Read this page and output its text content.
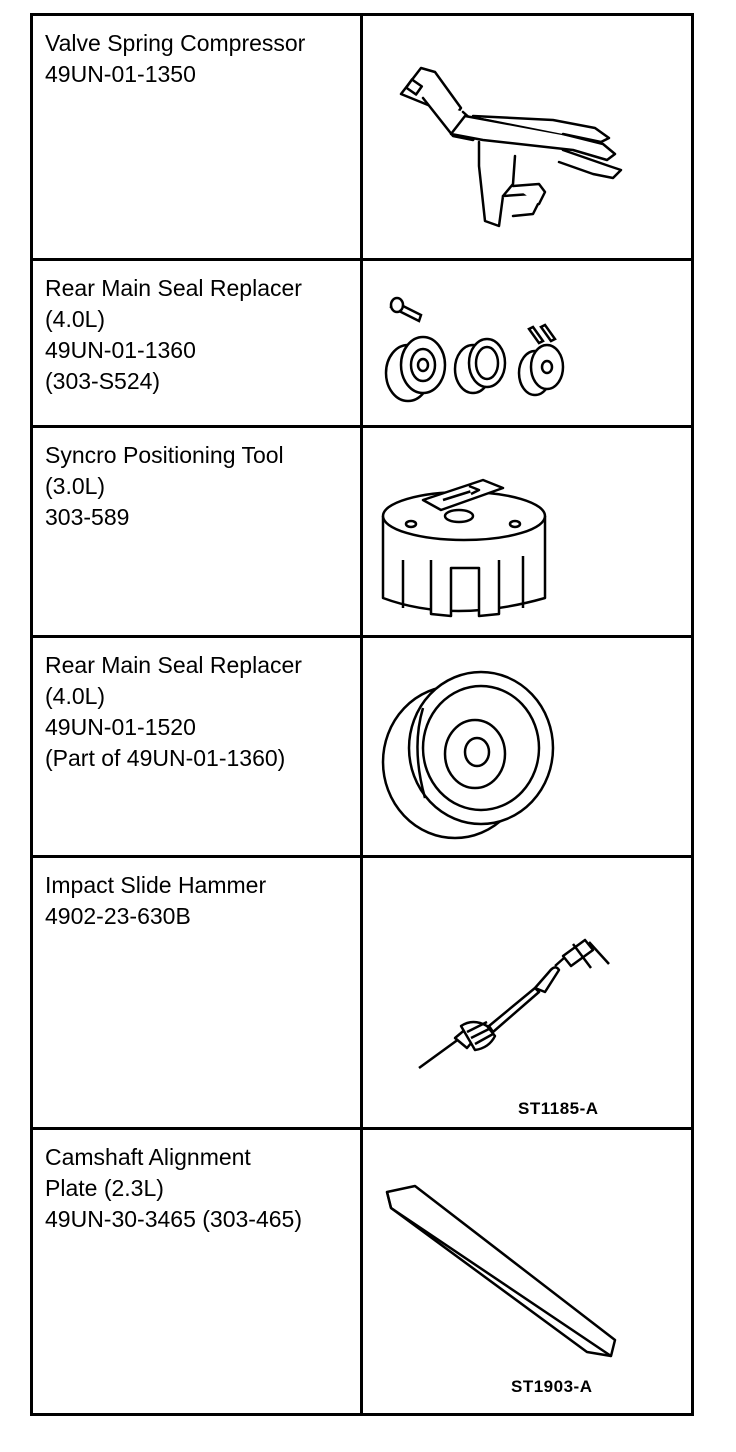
Valve Spring Compressor
49UN-01-1350
Rear Main Seal Replacer
(4.0L)
49UN-01-1360
(303-S524)
Syncro Positioning Tool
(3.0L)
303-589
Rear Main Seal Replacer
(4.0L)
49UN-01-1520
(Part of 49UN-01-1360)
Impact Slide Hammer
4902-23-630B
ST1185-A
Camshaft Alignment
Plate (2.3L)
49UN-30-3465 (303-465)
ST1903-A
